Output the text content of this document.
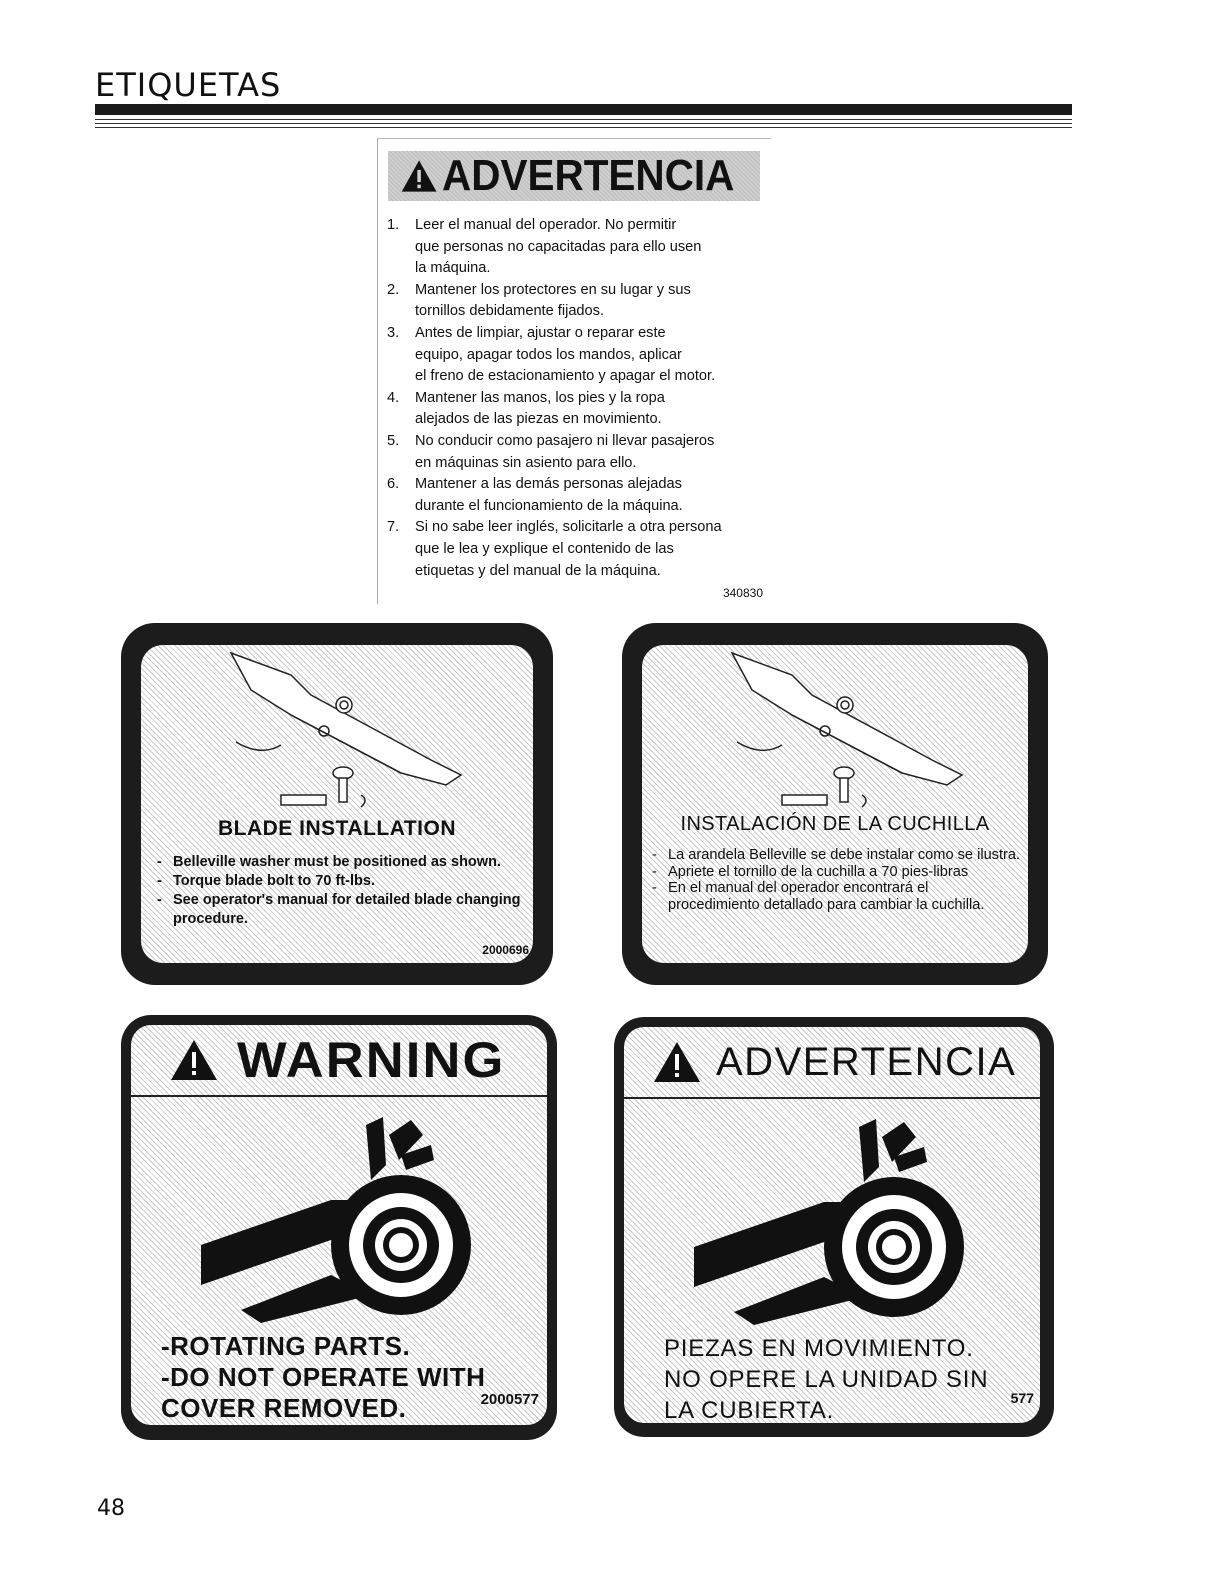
ETIQUETAS
ADVERTENCIA
1. Leer el manual del operador. No permitir
que personas no capacitadas para ello usen
la máquina.
2. Mantener los protectores en su lugar y sus
tornillos debidamente fijados.
3. Antes de limpiar, ajustar o reparar este
equipo, apagar todos los mandos, aplicar
el freno de estacionamiento y apagar el motor.
4. Mantener las manos, los pies y la ropa
alejados de las piezas en movimiento.
5. No conducir como pasajero ni llevar pasajeros
en máquinas sin asiento para ello.
6. Mantener a las demás personas alejadas
durante el funcionamiento de la máquina.
7. Si no sabe leer inglés, solicitarle a otra persona
que le lea y explique el contenido de las
etiquetas y del manual de la máquina.
340830
BLADE INSTALLATION
- Belleville washer must be positioned as shown.
- Torque blade bolt to 70 ft-lbs.
- See operator's manual for detailed blade changing procedure.
2000696
INSTALACIÓN DE LA CUCHILLA
- La arandela Belleville se debe instalar como se ilustra.
- Apriete el tornillo de la cuchilla a 70 pies-libras
- En el manual del operador encontrará el procedimiento detallado para cambiar la cuchilla.
WARNING
-ROTATING PARTS.
-DO NOT OPERATE WITH
COVER REMOVED.	2000577
ADVERTENCIA
PIEZAS EN MOVIMIENTO.
NO OPERE LA UNIDAD SIN
LA CUBIERTA.	577
48
